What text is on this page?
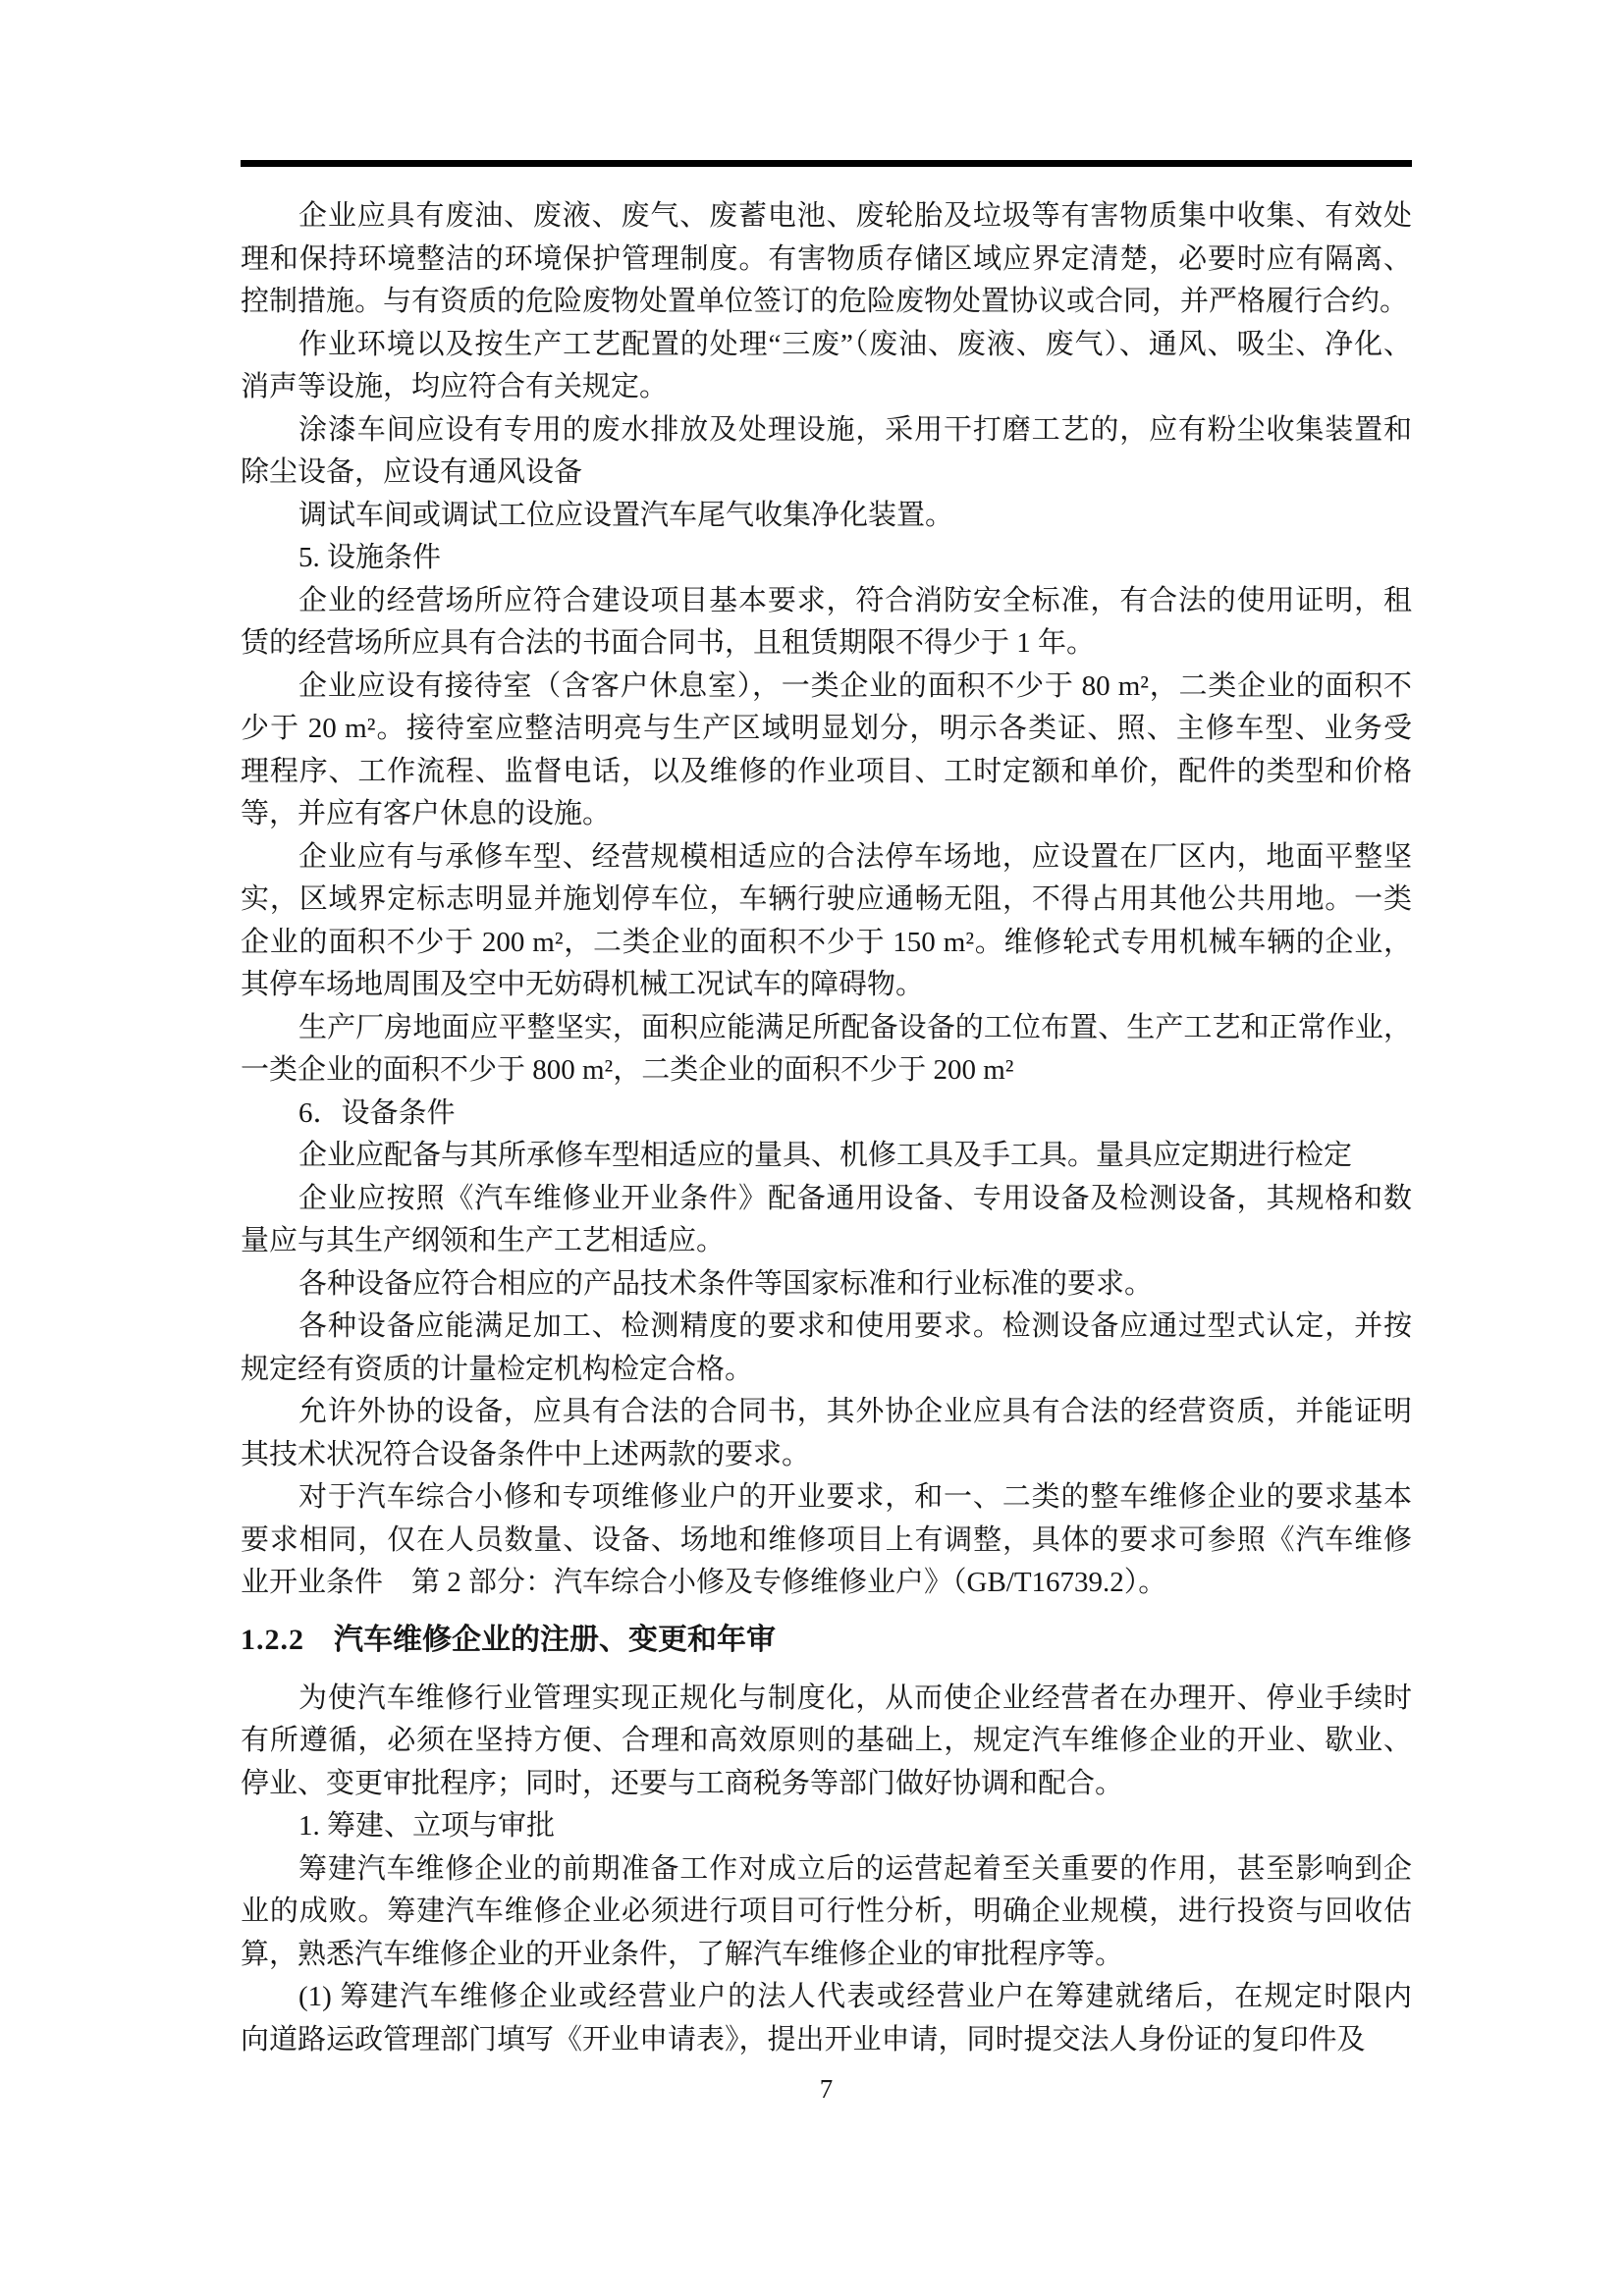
企业应具有废油、废液、废气、废蓄电池、废轮胎及垃圾等有害物质集中收集、有效处
理和保持环境整洁的环境保护管理制度。有害物质存储区域应界定清楚，必要时应有隔离、
控制措施。与有资质的危险废物处置单位签订的危险废物处置协议或合同，并严格履行合约。
作业环境以及按生产工艺配置的处理“三废”（废油、废液、废气）、通风、吸尘、净化、
消声等设施，均应符合有关规定。
涂漆车间应设有专用的废水排放及处理设施，采用干打磨工艺的，应有粉尘收集装置和
除尘设备，应设有通风设备
调试车间或调试工位应设置汽车尾气收集净化装置。
5. 设施条件
企业的经营场所应符合建设项目基本要求，符合消防安全标准，有合法的使用证明，租
赁的经营场所应具有合法的书面合同书，且租赁期限不得少于 1 年。
企业应设有接待室（含客户休息室），一类企业的面积不少于 80 m²，二类企业的面积不
少于 20 m²。接待室应整洁明亮与生产区域明显划分，明示各类证、照、主修车型、业务受
理程序、工作流程、监督电话，以及维修的作业项目、工时定额和单价，配件的类型和价格
等，并应有客户休息的设施。
企业应有与承修车型、经营规模相适应的合法停车场地，应设置在厂区内，地面平整坚
实，区域界定标志明显并施划停车位，车辆行驶应通畅无阻，不得占用其他公共用地。一类
企业的面积不少于 200 m²，二类企业的面积不少于 150 m²。维修轮式专用机械车辆的企业，
其停车场地周围及空中无妨碍机械工况试车的障碍物。
生产厂房地面应平整坚实，面积应能满足所配备设备的工位布置、生产工艺和正常作业，
一类企业的面积不少于 800 m²，二类企业的面积不少于 200 m²
6．设备条件
企业应配备与其所承修车型相适应的量具、机修工具及手工具。量具应定期进行检定
企业应按照《汽车维修业开业条件》配备通用设备、专用设备及检测设备，其规格和数
量应与其生产纲领和生产工艺相适应。
各种设备应符合相应的产品技术条件等国家标准和行业标准的要求。
各种设备应能满足加工、检测精度的要求和使用要求。检测设备应通过型式认定，并按
规定经有资质的计量检定机构检定合格。
允许外协的设备，应具有合法的合同书，其外协企业应具有合法的经营资质，并能证明
其技术状况符合设备条件中上述两款的要求。
对于汽车综合小修和专项维修业户的开业要求，和一、二类的整车维修企业的要求基本
要求相同，仅在人员数量、设备、场地和维修项目上有调整，具体的要求可参照《汽车维修
业开业条件　第 2 部分：汽车综合小修及专修维修业户》（GB/T16739.2）。
1.2.2 汽车维修企业的注册、变更和年审
为使汽车维修行业管理实现正规化与制度化，从而使企业经营者在办理开、停业手续时
有所遵循，必须在坚持方便、合理和高效原则的基础上，规定汽车维修企业的开业、歇业、
停业、变更审批程序；同时，还要与工商税务等部门做好协调和配合。
1. 筹建、立项与审批
筹建汽车维修企业的前期准备工作对成立后的运营起着至关重要的作用，甚至影响到企
业的成败。筹建汽车维修企业必须进行项目可行性分析，明确企业规模，进行投资与回收估
算，熟悉汽车维修企业的开业条件，了解汽车维修企业的审批程序等。
(1) 筹建汽车维修企业或经营业户的法人代表或经营业户在筹建就绪后，在规定时限内
向道路运政管理部门填写《开业申请表》，提出开业申请，同时提交法人身份证的复印件及
7
